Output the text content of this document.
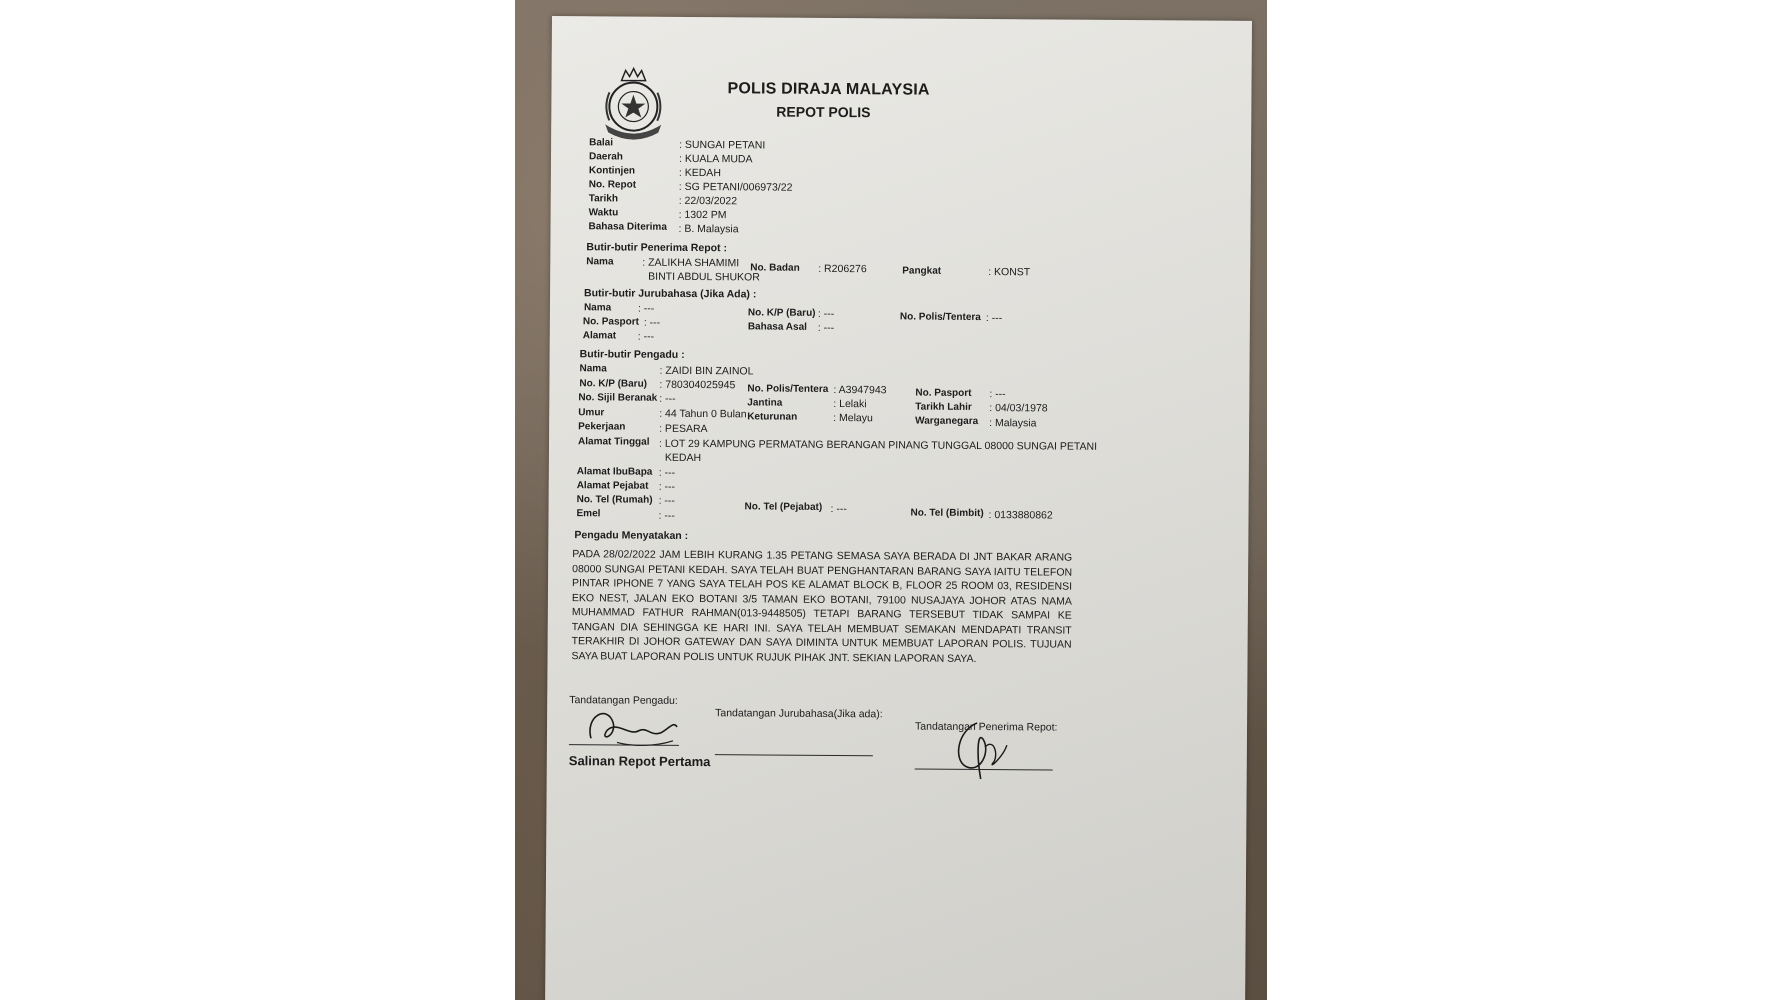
POLIS DIRAJA MALAYSIA
REPOT POLIS
Balai	: SUNGAI PETANI
Daerah	: KUALA MUDA
Kontinjen	: KEDAH
No. Repot	: SG PETANI/006973/22
Tarikh	: 22/03/2022
Waktu	: 1302 PM
Bahasa Diterima : B. Malaysia
Butir-butir Penerima Repot :
Nama	: ZALIKHA SHAMIMI
BINTI ABDUL SHUKOR
No. Badan : R206276	Pangkat	: KONST
Butir-butir Jurubahasa (Jika Ada) :
Nama	: ---	No. K/P (Baru) : ---	No. Polis/Tentera : ---
No. Pasport : ---	Bahasa Asal : ---
Alamat : ---
Butir-butir Pengadu :
Nama	: ZAIDI BIN ZAINOL
No. K/P (Baru) : 780304025945 No. Polis/Tentera : A3947943	No. Pasport : ---
No. Sijil Beranak : ---	Jantina	: Lelaki	Tarikh Lahir : 04/03/1978
Umur	: 44 Tahun 0 Bulan Keturunan	: Melayu	Warganegara : Malaysia
Pekerjaan	: PESARA
Alamat Tinggal : LOT 29 KAMPUNG PERMATANG BERANGAN PINANG TUNGGAL 08000 SUNGAI PETANI
KEDAH
Alamat IbuBapa : ---
Alamat Pejabat : ---
No. Tel (Rumah) : ---
No. Tel (Pejabat) : ---	No. Tel (Bimbit) : 0133880862
Emel	: ---
Pengadu Menyatakan :
PADA 28/02/2022 JAM LEBIH KURANG 1.35 PETANG SEMASA SAYA BERADA DI JNT BAKAR ARANG 08000 SUNGAI PETANI KEDAH. SAYA TELAH BUAT PENGHANTARAN BARANG SAYA IAITU TELEFON PINTAR IPHONE 7 YANG SAYA TELAH POS KE ALAMAT BLOCK B, FLOOR 25 ROOM 03, RESIDENSI EKO NEST, JALAN EKO BOTANI 3/5 TAMAN EKO BOTANI, 79100 NUSAJAYA JOHOR ATAS NAMA MUHAMMAD FATHUR RAHMAN(013-9448505) TETAPI BARANG TERSEBUT TIDAK SAMPAI KE TANGAN DIA SEHINGGA KE HARI INI. SAYA TELAH MEMBUAT SEMAKAN MENDAPATI TRANSIT TERAKHIR DI JOHOR GATEWAY DAN SAYA DIMINTA UNTUK MEMBUAT LAPORAN POLIS. TUJUAN SAYA BUAT LAPORAN POLIS UNTUK RUJUK PIHAK JNT. SEKIAN LAPORAN SAYA.
Tandatangan Pengadu:
Salinan Repot Pertama
Tandatangan Jurubahasa(Jika ada):
Tandatangan Penerima Repot:
